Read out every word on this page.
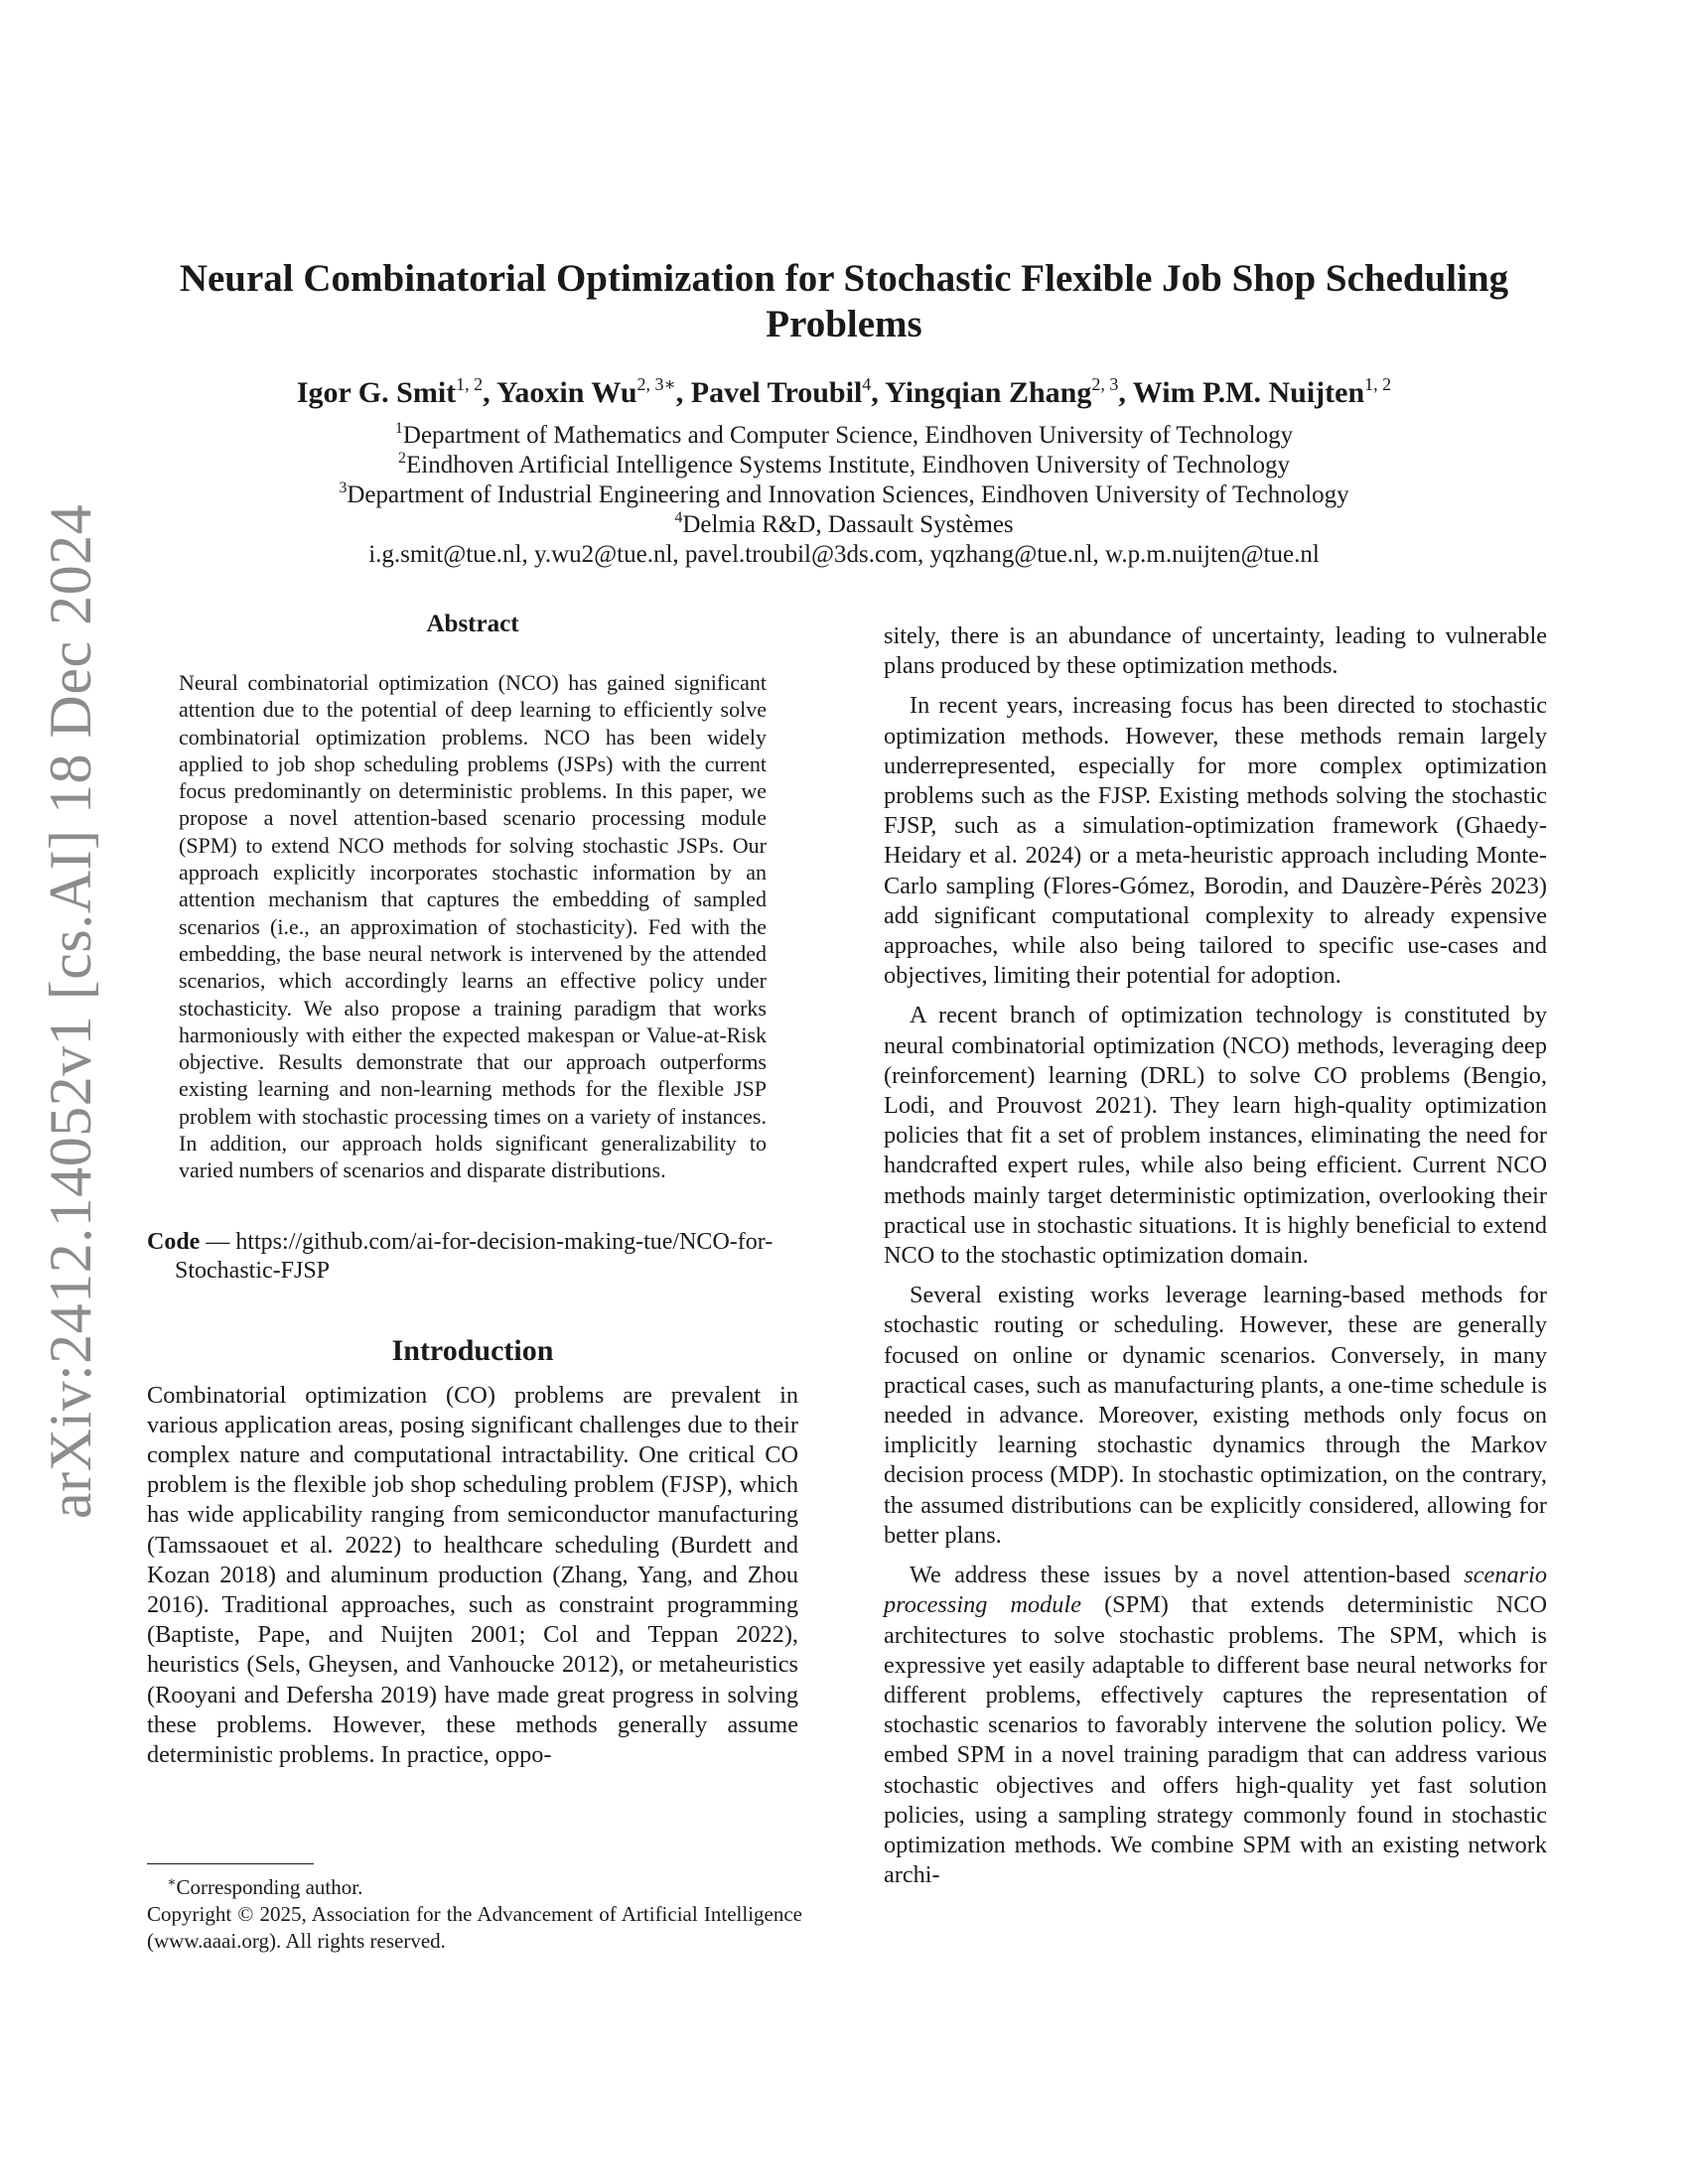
arXiv:2412.14052v1 [cs.AI] 18 Dec 2024
Neural Combinatorial Optimization for Stochastic Flexible Job Shop Scheduling Problems
Igor G. Smit$^{1, 2}$, Yaoxin $Wu^{2, 3∗}$, Pavel Troubil$^4$, Yingqian Zhang$^{2, 3}$, Wim P.M. Nuijten$^{1, 2}$
$^1$Department of Mathematics and Computer Science, Eindhoven University of Technology
$^2$Eindhoven Artificial Intelligence Systems Institute, Eindhoven University of Technology
$^3$Department of Industrial Engineering and Innovation Sciences, Eindhoven University of Technology
$^4$Delmia R&D, Dassault Systèmes
i.g.smit@tue.nl, y.wu2@tue.nl, pavel.troubil@3ds.com, yqzhang@tue.nl, w.p.m.nuijten@tue.nl
Abstract
Neural combinatorial optimization (NCO) has gained significant attention due to the potential of deep learning to efficiently solve combinatorial optimization problems. NCO has been widely applied to job shop scheduling problems (JSPs) with the current focus predominantly on deterministic problems. In this paper, we propose a novel attention-based scenario processing module (SPM) to extend NCO methods for solving stochastic JSPs. Our approach explicitly incorporates stochastic information by an attention mechanism that captures the embedding of sampled scenarios (i.e., an approximation of stochasticity). Fed with the embedding, the base neural network is intervened by the attended scenarios, which accordingly learns an effective policy under stochasticity. We also propose a training paradigm that works harmoniously with either the expected makespan or Value-at-Risk objective. Results demonstrate that our approach outperforms existing learning and non-learning methods for the flexible JSP problem with stochastic processing times on a variety of instances. In addition, our approach holds significant generalizability to varied numbers of scenarios and disparate distributions.
Code — https://github.com/ai-for-decision-making-tue/NCO-for-Stochastic-FJSP
Introduction

Combinatorial optimization (CO) problems are prevalent in various application areas, posing significant challenges due to their complex nature and computational intractability. One critical CO problem is the flexible job shop scheduling problem (FJSP), which has wide applicability ranging from semiconductor manufacturing (Tamssaouet et al. 2022) to healthcare scheduling (Burdett and Kozan 2018) and aluminum production (Zhang, Yang, and Zhou 2016). Traditional approaches, such as constraint programming (Baptiste, Pape, and Nuijten 2001; Col and Teppan 2022), heuristics (Sels, Gheysen, and Vanhoucke 2012), or metaheuristics (Rooyani and Defersha 2019) have made great progress in solving these problems. However, these methods generally assume deterministic problems. In practice, oppo-

sitely, there is an abundance of uncertainty, leading to vulnerable plans produced by these optimization methods.

In recent years, increasing focus has been directed to stochastic optimization methods. However, these methods remain largely underrepresented, especially for more complex optimization problems such as the FJSP. Existing methods solving the stochastic FJSP, such as a simulation-optimization framework (Ghaedy-Heidary et al. 2024) or a meta-heuristic approach including Monte-Carlo sampling (Flores-Gómez, Borodin, and Dauzère-Pérès 2023) add significant computational complexity to already expensive approaches, while also being tailored to specific use-cases and objectives, limiting their potential for adoption.

A recent branch of optimization technology is constituted by neural combinatorial optimization (NCO) methods, leveraging deep (reinforcement) learning (DRL) to solve CO problems (Bengio, Lodi, and Prouvost 2021). They learn high-quality optimization policies that fit a set of problem instances, eliminating the need for handcrafted expert rules, while also being efficient. Current NCO methods mainly target deterministic optimization, overlooking their practical use in stochastic situations. It is highly beneficial to extend NCO to the stochastic optimization domain.

Several existing works leverage learning-based methods for stochastic routing or scheduling. However, these are generally focused on online or dynamic scenarios. Conversely, in many practical cases, such as manufacturing plants, a one-time schedule is needed in advance. Moreover, existing methods only focus on implicitly learning stochastic dynamics through the Markov decision process (MDP). In stochastic optimization, on the contrary, the assumed distributions can be explicitly considered, allowing for better plans.

We address these issues by a novel attention-based scenario processing module (SPM) that extends deterministic NCO architectures to solve stochastic problems. The SPM, which is expressive yet easily adaptable to different base neural networks for different problems, effectively captures the representation of stochastic scenarios to favorably intervene the solution policy. We embed SPM in a novel training paradigm that can address various stochastic objectives and offers high-quality yet fast solution policies, using a sampling strategy commonly found in stochastic optimization methods. We combine SPM with an existing network archi-

∗Corresponding author.
Copyright © 2025, Association for the Advancement of Artificial Intelligence (www.aaai.org). All rights reserved.
